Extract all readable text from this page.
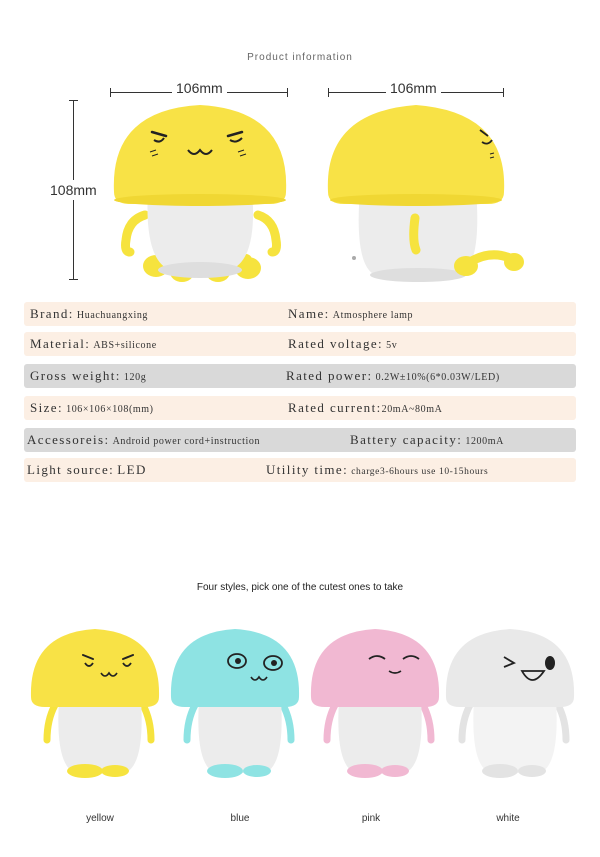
Product information
106mm	106mm
108mm
Brand: Huachuangxing	Name: Atmosphere lamp
Material: ABS+silicone	Rated voltage: 5v
Gross weight: 120g	Rated power: 0.2W±10%(6*0.03W/LED)
Size: 106×106×108(mm)	Rated current:20mA~80mA
Accessoreis: Android power cord+instruction	Battery capacity: 1200mA
Light source: LED	Utility time: charge3-6hours use 10-15hours
Four styles, pick one of the cutest ones to take
yellow	blue	pink	white
